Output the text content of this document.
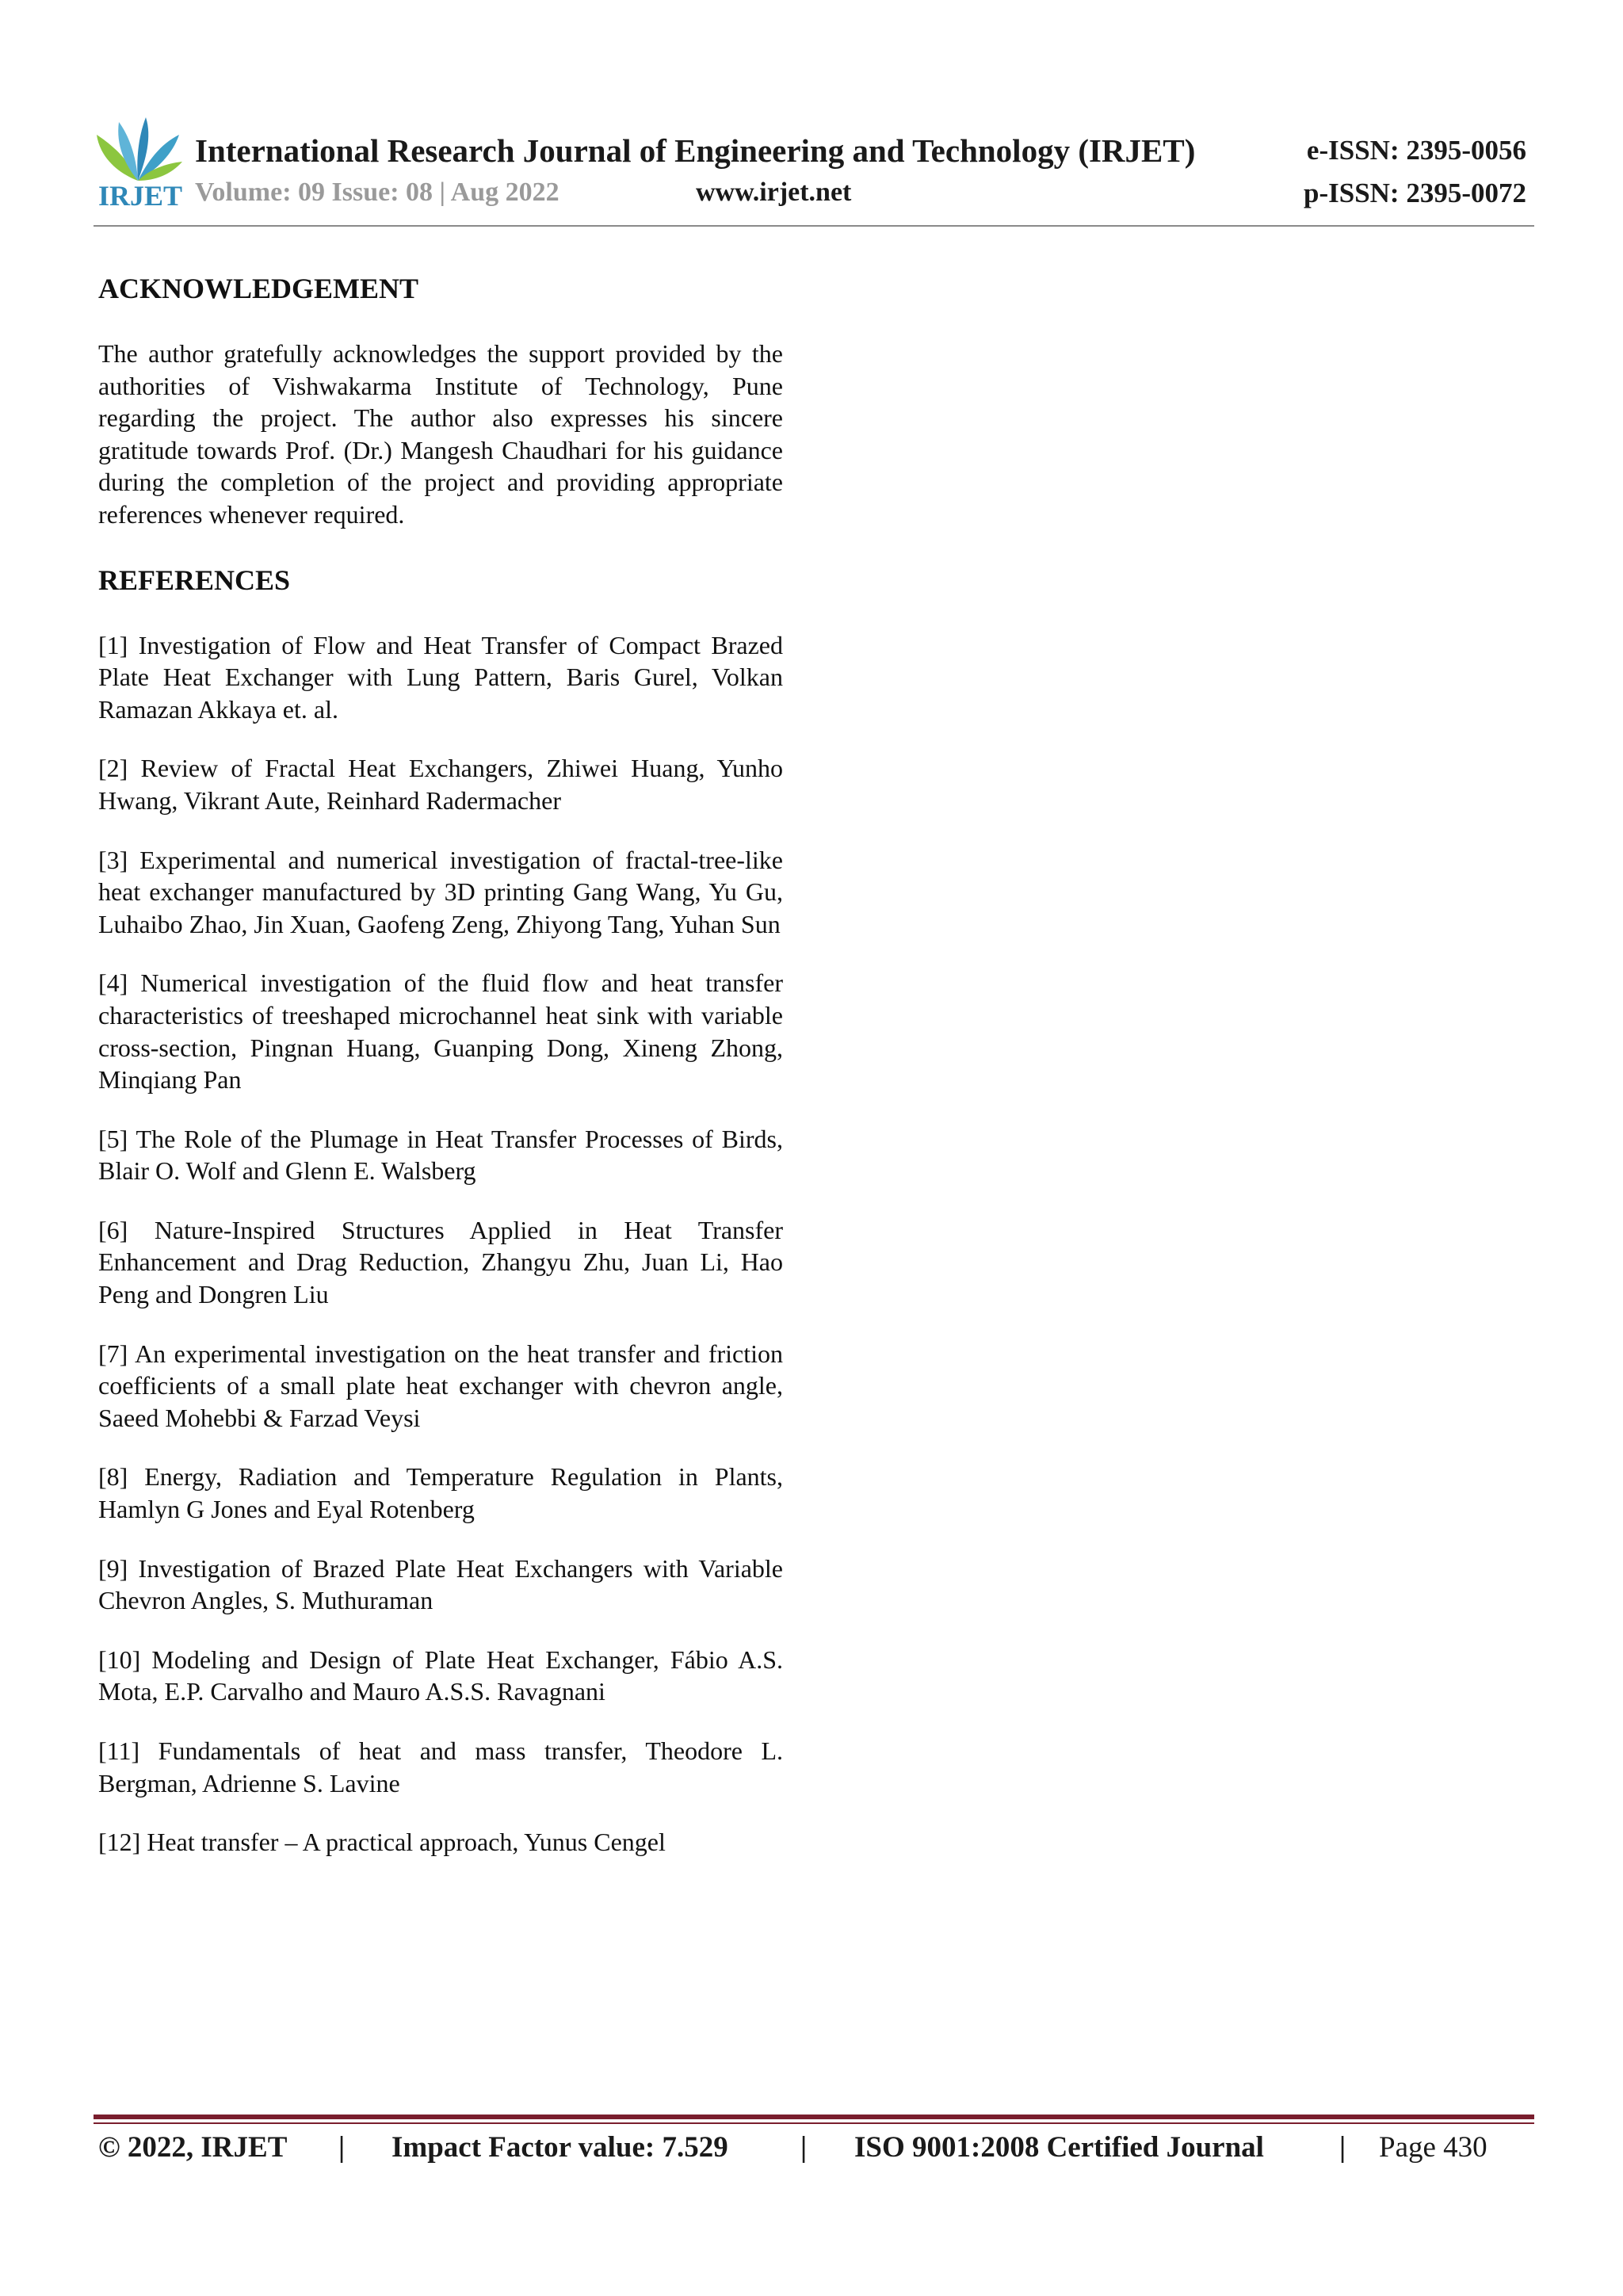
IRJET
International Research Journal of Engineering and Technology (IRJET)	e-ISSN: 2395-0056
Volume: 09 Issue: 08 | Aug 2022	www.irjet.net	p-ISSN: 2395-0072
ACKNOWLEDGEMENT

The author gratefully acknowledges the support provided by the authorities of Vishwakarma Institute of Technology, Pune regarding the project. The author also expresses his sincere gratitude towards Prof. (Dr.) Mangesh Chaudhari for his guidance during the completion of the project and providing appropriate references whenever required.

REFERENCES
[1] Investigation of Flow and Heat Transfer of Compact Brazed Plate Heat Exchanger with Lung Pattern, Baris Gurel, Volkan Ramazan Akkaya et. al.
[2] Review of Fractal Heat Exchangers, Zhiwei Huang, Yunho Hwang, Vikrant Aute, Reinhard Radermacher
[3] Experimental and numerical investigation of fractal-tree-like heat exchanger manufactured by 3D printing Gang Wang, Yu Gu, Luhaibo Zhao, Jin Xuan, Gaofeng Zeng, Zhiyong Tang, Yuhan Sun
[4] Numerical investigation of the fluid flow and heat transfer characteristics of treeshaped microchannel heat sink with variable cross-section, Pingnan Huang, Guanping Dong, Xineng Zhong, Minqiang Pan
[5] The Role of the Plumage in Heat Transfer Processes of Birds, Blair O. Wolf and Glenn E. Walsberg
[6] Nature-Inspired Structures Applied in Heat Transfer Enhancement and Drag Reduction, Zhangyu Zhu, Juan Li, Hao Peng and Dongren Liu
[7] An experimental investigation on the heat transfer and friction coefficients of a small plate heat exchanger with chevron angle, Saeed Mohebbi & Farzad Veysi
[8] Energy, Radiation and Temperature Regulation in Plants, Hamlyn G Jones and Eyal Rotenberg
[9] Investigation of Brazed Plate Heat Exchangers with Variable Chevron Angles, S. Muthuraman
[10] Modeling and Design of Plate Heat Exchanger, Fábio A.S. Mota, E.P. Carvalho and Mauro A.S.S. Ravagnani
[11] Fundamentals of heat and mass transfer, Theodore L. Bergman, Adrienne S. Lavine
[12] Heat transfer – A practical approach, Yunus Cengel
© 2022, IRJET | Impact Factor value: 7.529 | ISO 9001:2008 Certified Journal	| Page 430
